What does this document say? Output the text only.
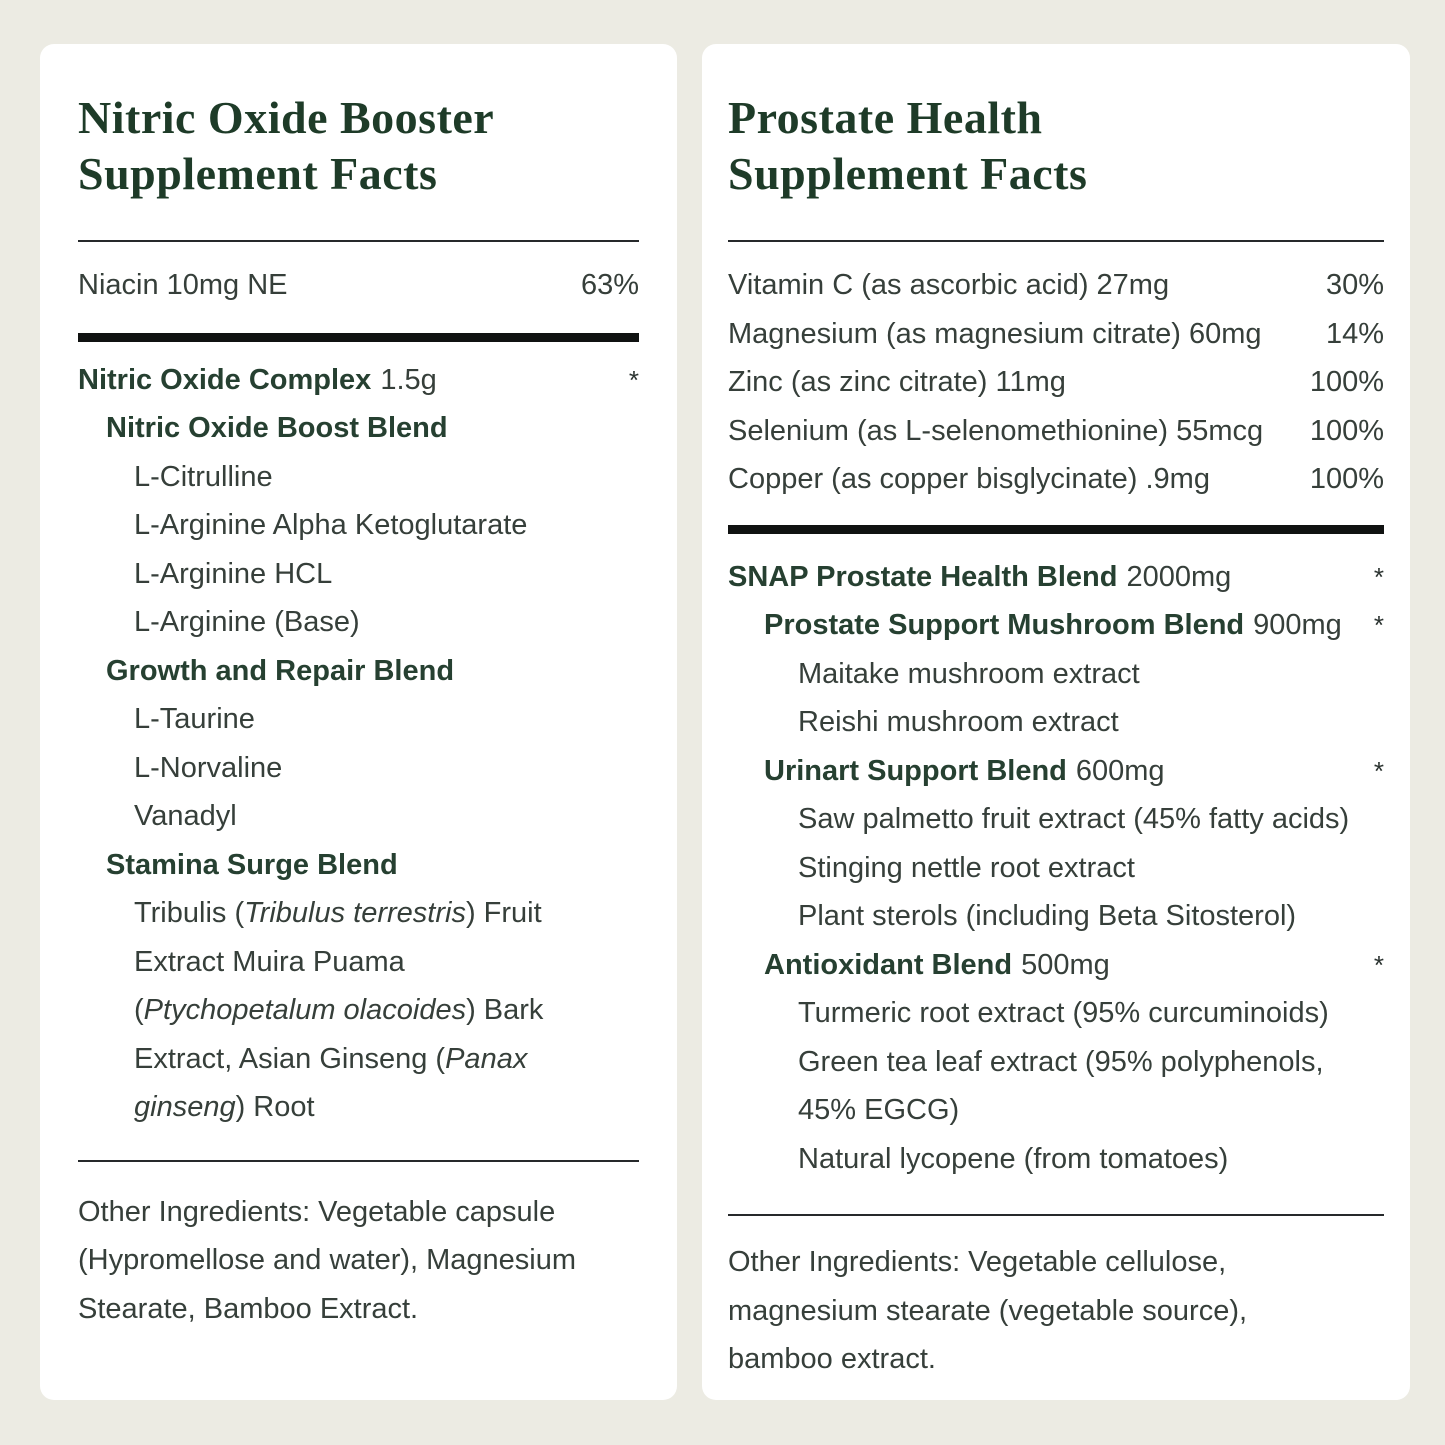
Nitric Oxide Booster
Supplement Facts
Niacin 10mg NE	63%
Nitric Oxide Complex 1.5g	*
Nitric Oxide Boost Blend
L-Citrulline
L-Arginine Alpha Ketoglutarate
L-Arginine HCL
L-Arginine (Base)
Growth and Repair Blend
L-Taurine
L-Norvaline
Vanadyl
Stamina Surge Blend
Tribulis (Tribulus terrestris) Fruit
Extract Muira Puama
(Ptychopetalum olacoides) Bark
Extract, Asian Ginseng (Panax
ginseng) Root

Other Ingredients: Vegetable capsule (Hypromellose and water), Magnesium Stearate, Bamboo Extract.

Prostate Health
Supplement Facts
Vitamin C (as ascorbic acid) 27mg	30%
Magnesium (as magnesium citrate) 60mg 14%
Zinc (as zinc citrate) 11mg	100%
Selenium (as L-selenomethionine) 55mcg 100%
Copper (as copper bisglycinate) .9mg	100%
SNAP Prostate Health Blend 2000mg	*
Prostate Support Mushroom Blend 900mg *
Maitake mushroom extract
Reishi mushroom extract
Urinart Support Blend 600mg	*
Saw palmetto fruit extract (45% fatty acids)
Stinging nettle root extract
Plant sterols (including Beta Sitosterol)
Antioxidant Blend 500mg	*
Turmeric root extract (95% curcuminoids)
Green tea leaf extract (95% polyphenols,
45% EGCG)
Natural lycopene (from tomatoes)

Other Ingredients: Vegetable cellulose, magnesium stearate (vegetable source), bamboo extract.
